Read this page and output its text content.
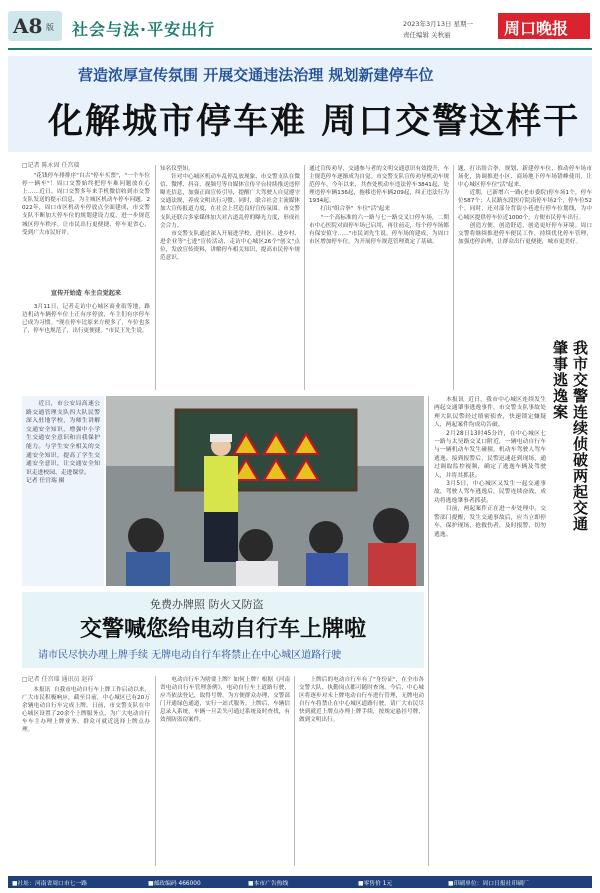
A8 版 社会与法·平安出行	2023年3月13日 星期一
责任编辑 关秋丽	周口晚报
营造浓厚宣传氛围 开展交通违法治理 规划新建停车位
化解城市停车难 周口交警这样干
□记者 陈永固 任宫瑞
　　"花钱停车排排序"自古"停车买票"，"一个车位停一辆车"！周口交警始终把停车难问题放在心上……近日，周口交警多年来手机微信收到市交警支队发送的提示信息，为主城区机动车停车问题。2022年，周口市区机动车停放点全面建成，市交警支队不断加大停车位的规划建设力度，进一步规范城区停车秩序，让市民出行更便捷、停车更省心，受到广大市民好评。
宣传开始造 车主自觉起来
　　3月11日，记者走访中心城区商业街等地，路边机动车辆停车位上正有序停放，车主们有序停车已成为习惯。"现在停车比原来方便多了，车位也多了，停车也规范了，出行更便捷。"市民王先生说。
知名仪型知。
　　针对中心城区机动车乱停乱放现象，市交警支队在微信、微博、抖音、视频号等自媒体宣传平台持续推送违停曝光信息，加强正面宣传引导，提醒广大驾驶人自觉遵守交通法规，养成文明出行习惯。同时，联合社会主流媒体加大宣传报道力度，在社会上营造良好宣传氛围。市交警支队还联合多家媒体加大对占道乱停的曝光力度，形成社会合力。
　　市交警支队通过深入开展进学校、进社区、进乡村、进企业等"七进"宣传活动，走访中心城区26个"创文"点位，发放宣传资料，讲解停车相关知识，提高市民停车规范意识。
通过宣传劝导，交通参与者的文明交通意识有效提升，车主规范停车逐渐成为自觉。市交警支队宣传劝导机动车规范停车，今年以来，共查处机动车违法停车3841起，处理违停车辆136起，拖移违停车辆209起，纠正违法行为1934起。
　　打出"组合拳"  车位"活"起来
　　"一个高标准的六一路与七一路交叉口停车场，二期市中心医院对面停车场已启用，再往前走，每个停车场都有保安值守……"市民刘先生说。停车场的建成，为周口市区增加停车位，为开展停车规范管理奠定了基础。
题，打出组合拳，规划、新建停车位，推动停车场市场化，协调推进小区、商场地下停车场错峰使用，让中心城区停车位"活"起来。
　　近期，已新增六一路(老市委院)停车场1个，停车位587个；人民路东段医疗院南停车场2个，停车位52个。同时，还对部分背街小巷进行停车位划线，为中心城区提供停车位近1000个，方便市民停车出行。
　　创造方便、创造舒适，创造更好停车环境。周口交警将继续推进停车便民工作，持续优化停车管理，加强违停治理，让群众出行更便捷，城市更美好。
　　近日，市公安局高速公路交通管理支队四大队民警深入驻地学校，为师生讲解交通安全知识，增强中小学生交通安全意识和自我保护能力。与学生安全相关的交通安全知识，提高了学生交通安全意识，让交通安全知识走进校园、走进课堂。
记者 任宫瑞 摄
免费办牌照 防火又防盗
交警喊您给电动自行车上牌啦
请市民尽快办理上牌手续 无牌电动自行车将禁止在中心城区道路行驶
□记者 任宫瑞 通讯员 赵祥
　　本报讯  自我市电动自行车上牌工作启动以来，广大市民积极响应，截至目前，中心城区已有20万余辆电动自行车完成上牌。日前，市交警支队在中心城区设置了20余个上牌服务点，为广大电动自行车车主办理上牌业务，群众可就近选择上牌点办理。
　　电动自行车为啥要上牌？如何上牌？根据《河南省电动自行车管理条例》，电动自行车上道路行驶，应当依法登记，取得号牌。为方便群众办理，交警部门开通绿色通道，实行一站式服务。上牌后，车辆信息录入系统，车辆一旦丢失可通过系统及时查找，有效预防盗窃案件。
　　上牌后的电动自行车有了"身份证"，在全市各交警大队、执勤岗点都可随时查询。今后，中心城区将逐步对未上牌电动自行车进行管理，无牌电动自行车将禁止在中心城区道路行驶。请广大市民尽快到就近上牌点办理上牌手续，按规定悬挂号牌，做到文明出行。
我市交警连续侦破两起交通肇事逃逸案
　　本报讯  近日，我市中心城区连续发生两起交通肇事逃逸事件，市交警支队事故处理大队民警经过缜密侦查，快速锁定嫌疑人，两起案件均成功告破。
　　2月28日13时45分许，在中心城区七一路与太昊路交叉口附近，一辆电动自行车与一辆机动车发生碰撞，机动车驾驶人驾车逃逸。接到报警后，民警迅速赶到现场，通过调取监控视频，确定了逃逸车辆及驾驶人，并将其抓获。
　　3月5日，中心城区又发生一起交通事故，驾驶人驾车逃逸后，民警连续奋战，成功将逃逸肇事者抓获。
　　目前，两起案件正在进一步处理中。交警部门提醒，发生交通事故后，应当立即停车，保护现场，抢救伤者，及时报警，切勿逃逸。
■社址：河南省周口市七一路	■邮政编码 466000	■本市广告热线	■零售价 1元	■印刷单位：周口日报社印刷厂
